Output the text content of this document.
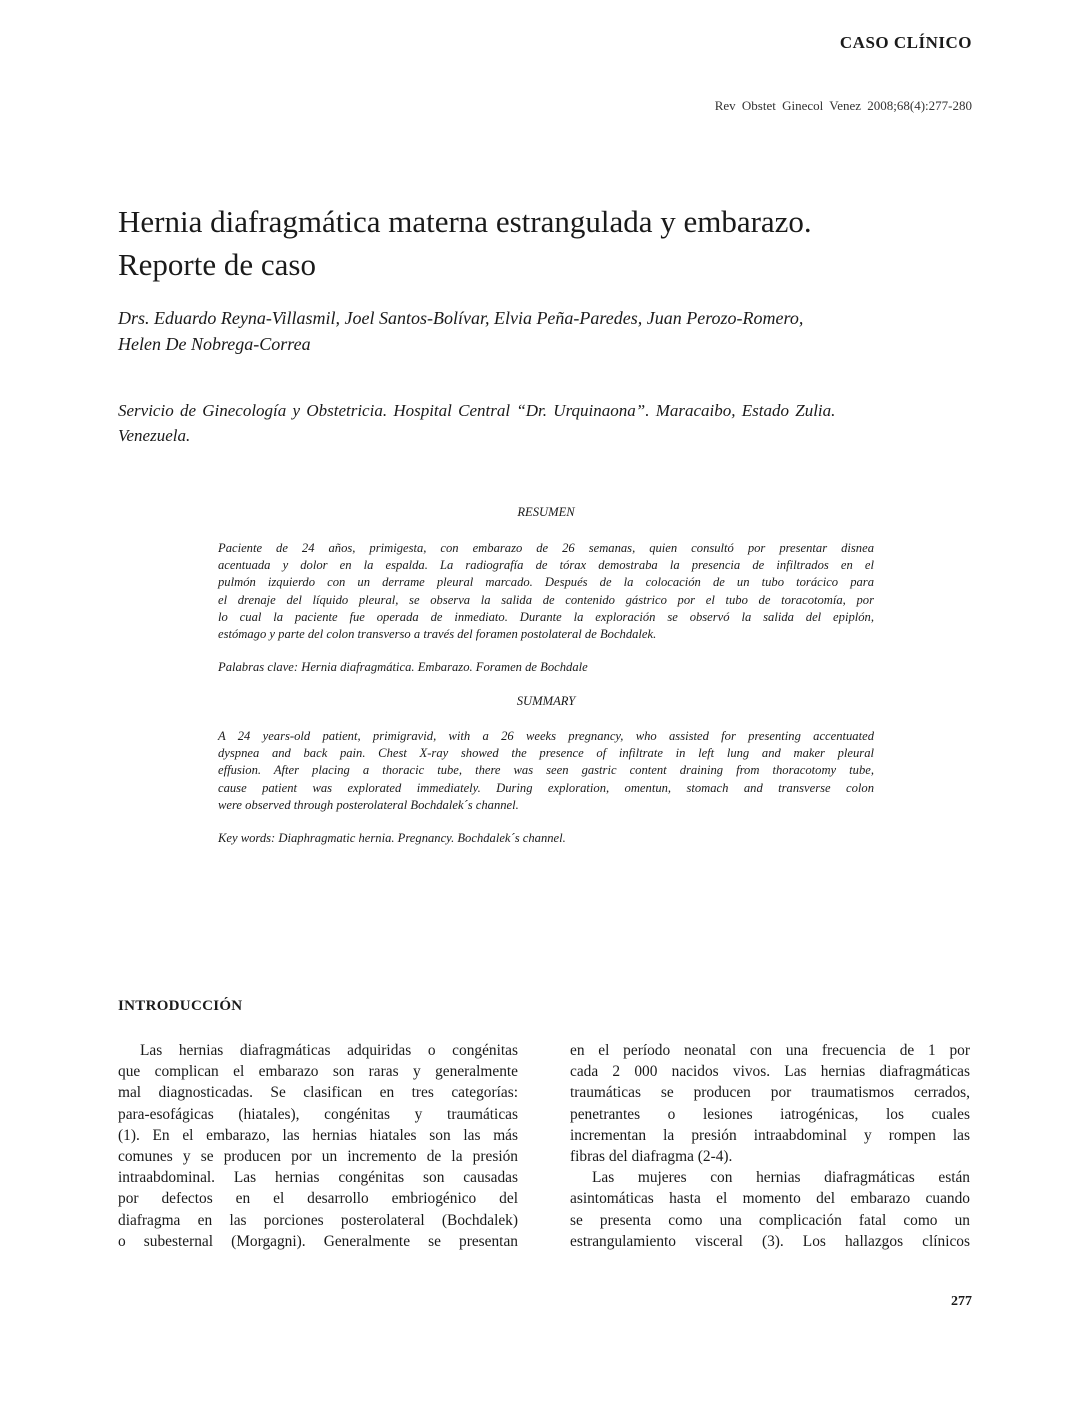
CASO CLÍNICO
Rev Obstet Ginecol Venez 2008;68(4):277-280
Hernia diafragmática materna estrangulada y embarazo.
Reporte de caso
Drs. Eduardo Reyna-Villasmil, Joel Santos-Bolívar, Elvia Peña-Paredes, Juan Perozo-Romero,
Helen De Nobrega-Correa
Servicio de Ginecología y Obstetricia. Hospital Central “Dr. Urquinaona”. Maracaibo, Estado Zulia.
Venezuela.
RESUMEN
Paciente de 24 años, primigesta, con embarazo de 26 semanas, quien consultó por presentar disnea
acentuada y dolor en la espalda. La radiografía de tórax demostraba la presencia de infiltrados en el
pulmón izquierdo con un derrame pleural marcado. Después de la colocación de un tubo torácico para
el drenaje del líquido pleural, se observa la salida de contenido gástrico por el tubo de toracotomía, por
lo cual la paciente fue operada de inmediato. Durante la exploración se observó la salida del epiplón,
estómago y parte del colon transverso a través del foramen postolateral de Bochdalek.
Palabras clave: Hernia diafragmática. Embarazo. Foramen de Bochdale
SUMMARY
A 24 years-old patient, primigravid, with a 26 weeks pregnancy, who assisted for presenting accentuated
dyspnea and back pain. Chest X-ray showed the presence of infiltrate in left lung and maker pleural
effusion. After placing a thoracic tube, there was seen gastric content draining from thoracotomy tube,
cause patient was explorated immediately. During exploration, omentun, stomach and transverse colon
were observed through posterolateral Bochdalek´s channel.
Key words: Diaphragmatic hernia. Pregnancy. Bochdalek´s channel.
INTRODUCCIÓN
Las hernias diafragmáticas adquiridas o congénitas
que complican el embarazo son raras y generalmente
mal diagnosticadas. Se clasifican en tres categorías:
para-esofágicas (hiatales), congénitas y traumáticas
(1). En el embarazo, las hernias hiatales son las más
comunes y se producen por un incremento de la presión
intraabdominal. Las hernias congénitas son causadas
por defectos en el desarrollo embriogénico del
diafragma en las porciones posterolateral (Bochdalek)
o subesternal (Morgagni). Generalmente se presentan
en el período neonatal con una frecuencia de 1 por
cada 2 000 nacidos vivos. Las hernias diafragmáticas
traumáticas se producen por traumatismos cerrados,
penetrantes o lesiones iatrogénicas, los cuales
incrementan la presión intraabdominal y rompen las
fibras del diafragma (2-4).
Las mujeres con hernias diafragmáticas están
asintomáticas hasta el momento del embarazo cuando
se presenta como una complicación fatal como un
estrangulamiento visceral (3). Los hallazgos clínicos
277
